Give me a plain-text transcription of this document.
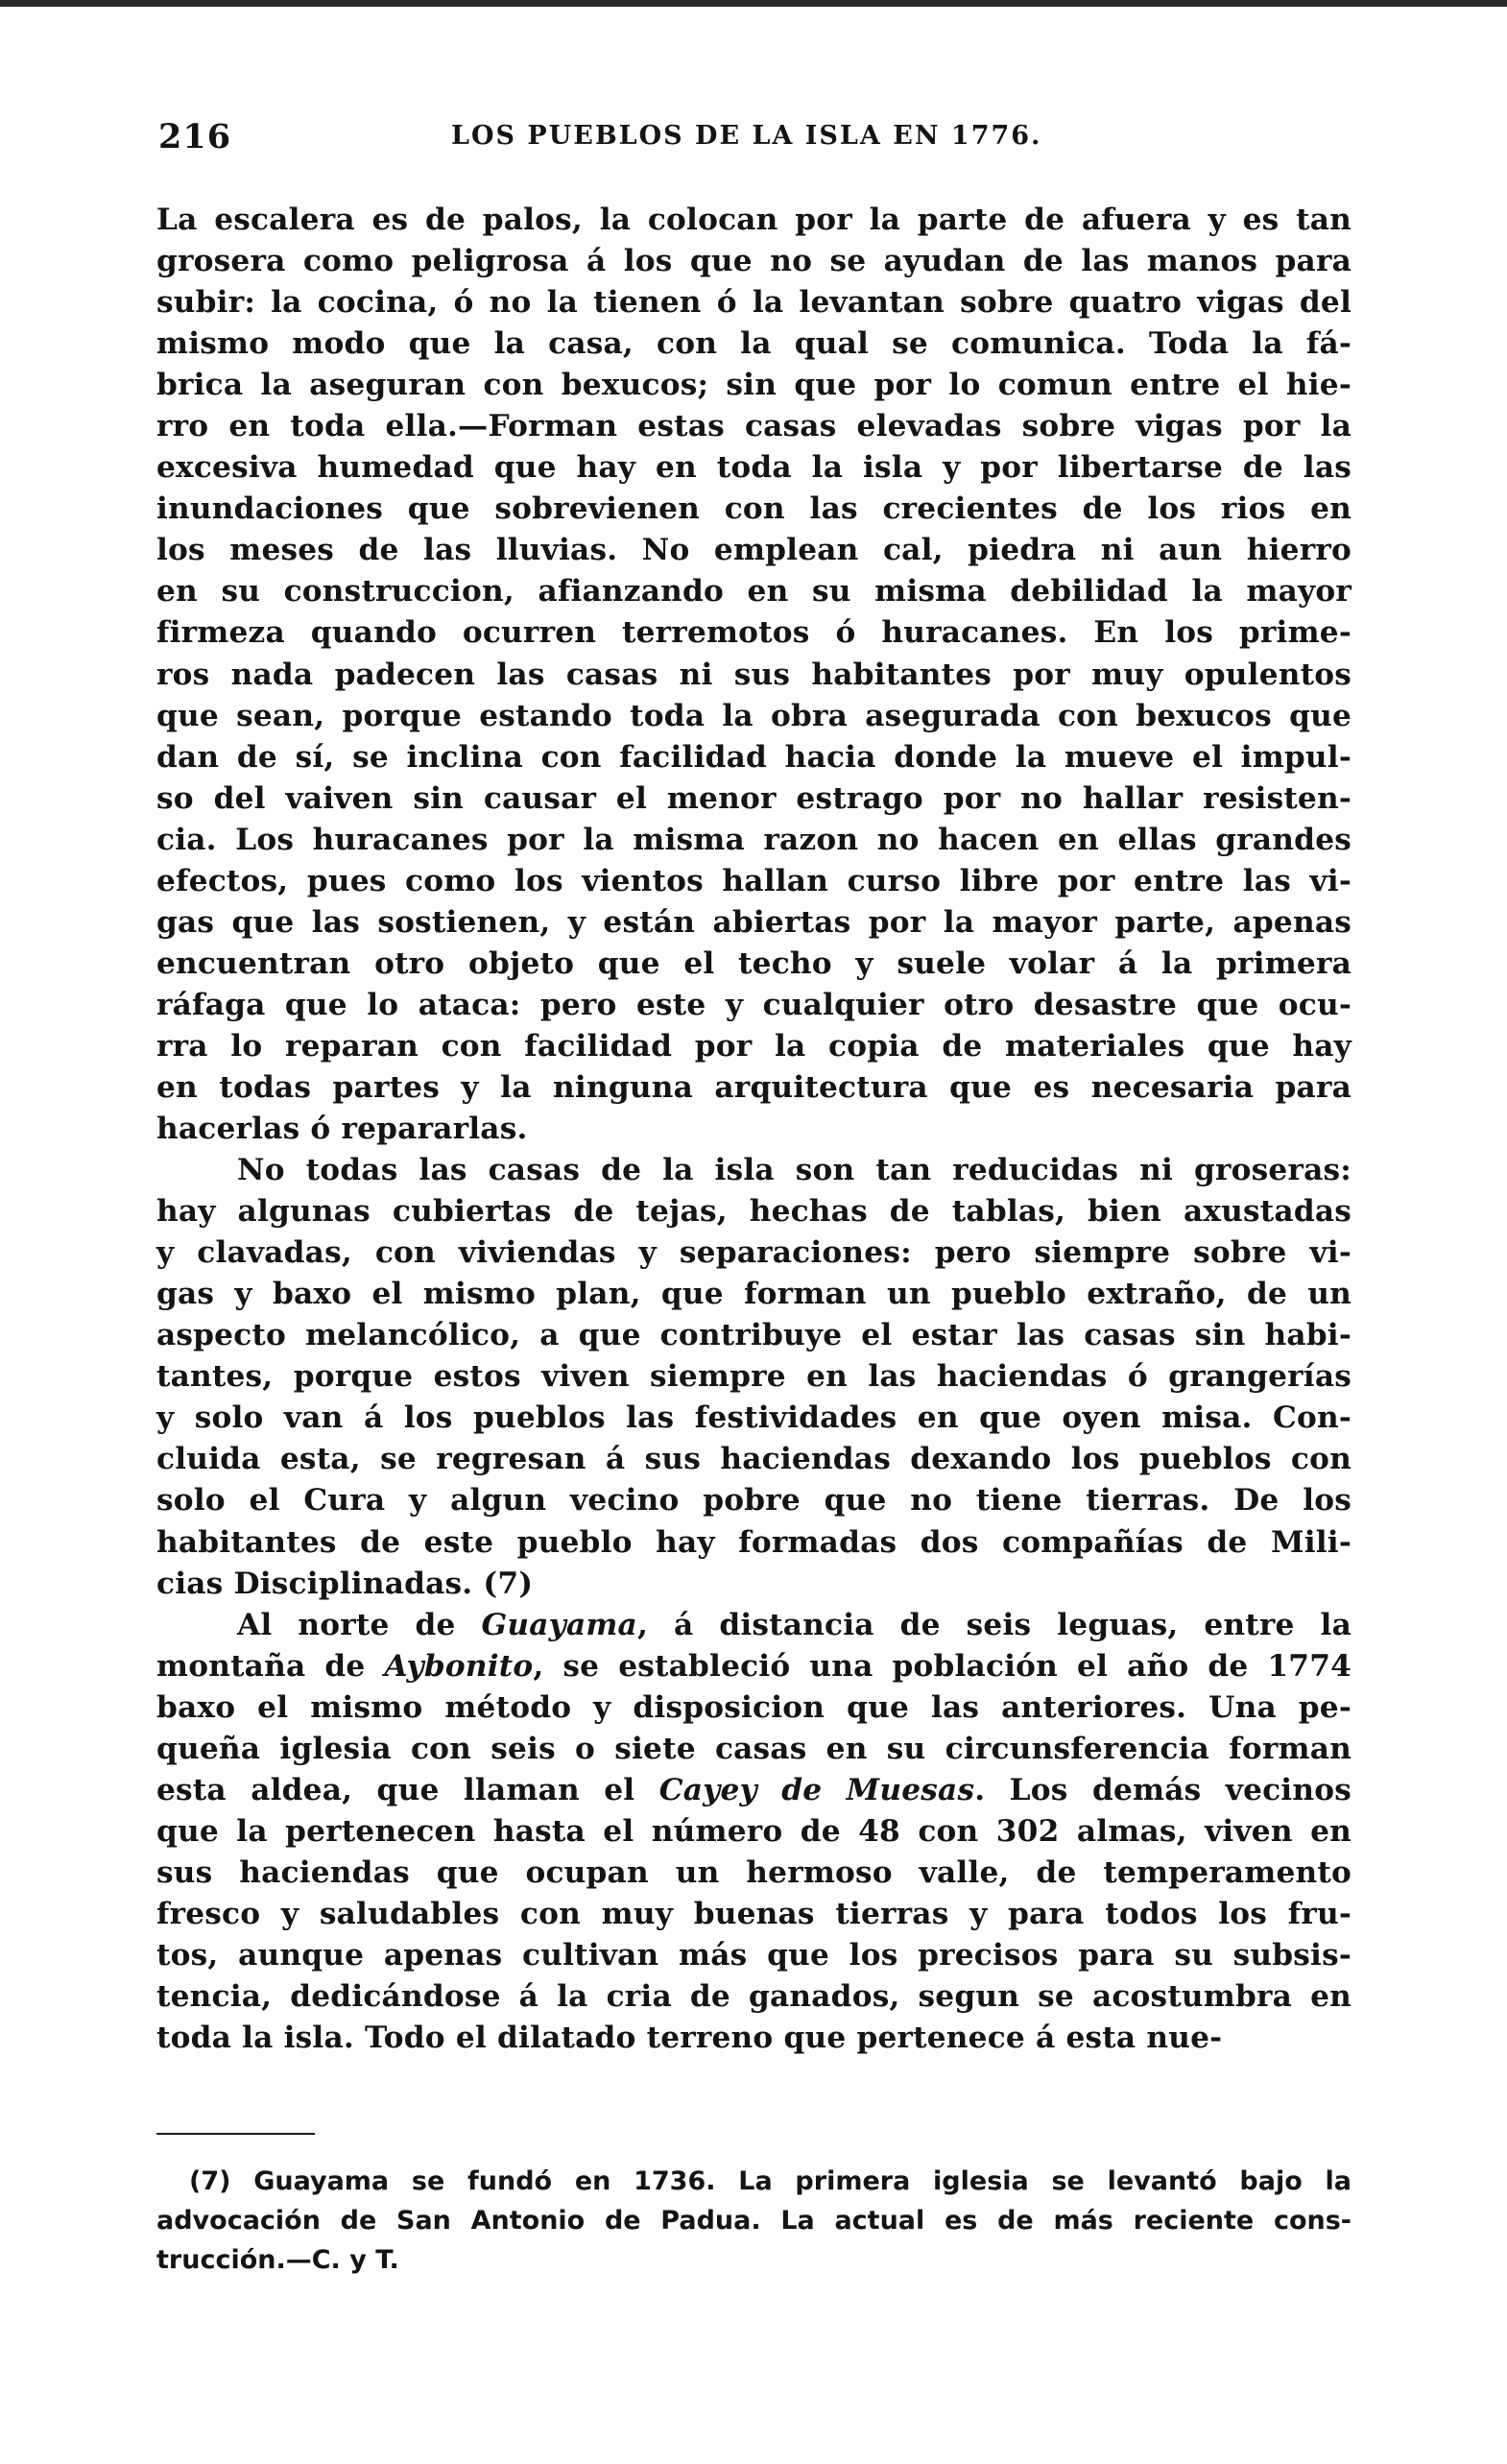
216	LOS PUEBLOS DE LA ISLA EN 1776.
La escalera es de palos, la colocan por la parte de afuera y es tan
grosera como peligrosa á los que no se ayudan de las manos para
subir: la cocina, ó no la tienen ó la levantan sobre quatro vigas del
mismo modo que la casa, con la qual se comunica. Toda la fá-
brica la aseguran con bexucos; sin que por lo comun entre el hie-
rro en toda ella.—Forman estas casas elevadas sobre vigas por la
excesiva humedad que hay en toda la isla y por libertarse de las
inundaciones que sobrevienen con las crecientes de los rios en
los meses de las lluvias. No emplean cal, piedra ni aun hierro
en su construccion, afianzando en su misma debilidad la mayor
firmeza quando ocurren terremotos ó huracanes. En los prime-
ros nada padecen las casas ni sus habitantes por muy opulentos
que sean, porque estando toda la obra asegurada con bexucos que
dan de sí, se inclina con facilidad hacia donde la mueve el impul-
so del vaiven sin causar el menor estrago por no hallar resisten-
cia. Los huracanes por la misma razon no hacen en ellas grandes
efectos, pues como los vientos hallan curso libre por entre las vi-
gas que las sostienen, y están abiertas por la mayor parte, apenas
encuentran otro objeto que el techo y suele volar á la primera
ráfaga que lo ataca: pero este y cualquier otro desastre que ocu-
rra lo reparan con facilidad por la copia de materiales que hay
en todas partes y la ninguna arquitectura que es necesaria para
hacerlas ó repararlas.
No todas las casas de la isla son tan reducidas ni groseras:
hay algunas cubiertas de tejas, hechas de tablas, bien axustadas
y clavadas, con viviendas y separaciones: pero siempre sobre vi-
gas y baxo el mismo plan, que forman un pueblo extraño, de un
aspecto melancólico, a que contribuye el estar las casas sin habi-
tantes, porque estos viven siempre en las haciendas ó grangerías
y solo van á los pueblos las festividades en que oyen misa. Con-
cluida esta, se regresan á sus haciendas dexando los pueblos con
solo el Cura y algun vecino pobre que no tiene tierras. De los
habitantes de este pueblo hay formadas dos compañías de Mili-
cias Disciplinadas. (7)
Al norte de Guayama, á distancia de seis leguas, entre la
montaña de Aybonito, se estableció una población el año de 1774
baxo el mismo método y disposicion que las anteriores. Una pe-
queña iglesia con seis o siete casas en su circunsferencia forman
esta aldea, que llaman el Cayey de Muesas. Los demás vecinos
que la pertenecen hasta el número de 48 con 302 almas, viven en
sus haciendas que ocupan un hermoso valle, de temperamento
fresco y saludables con muy buenas tierras y para todos los fru-
tos, aunque apenas cultivan más que los precisos para su subsis-
tencia, dedicándose á la cria de ganados, segun se acostumbra en
toda la isla. Todo el dilatado terreno que pertenece á esta nue-
(7) Guayama se fundó en 1736. La primera iglesia se levantó bajo la
advocación de San Antonio de Padua. La actual es de más reciente cons-
trucción.—C. y T.
